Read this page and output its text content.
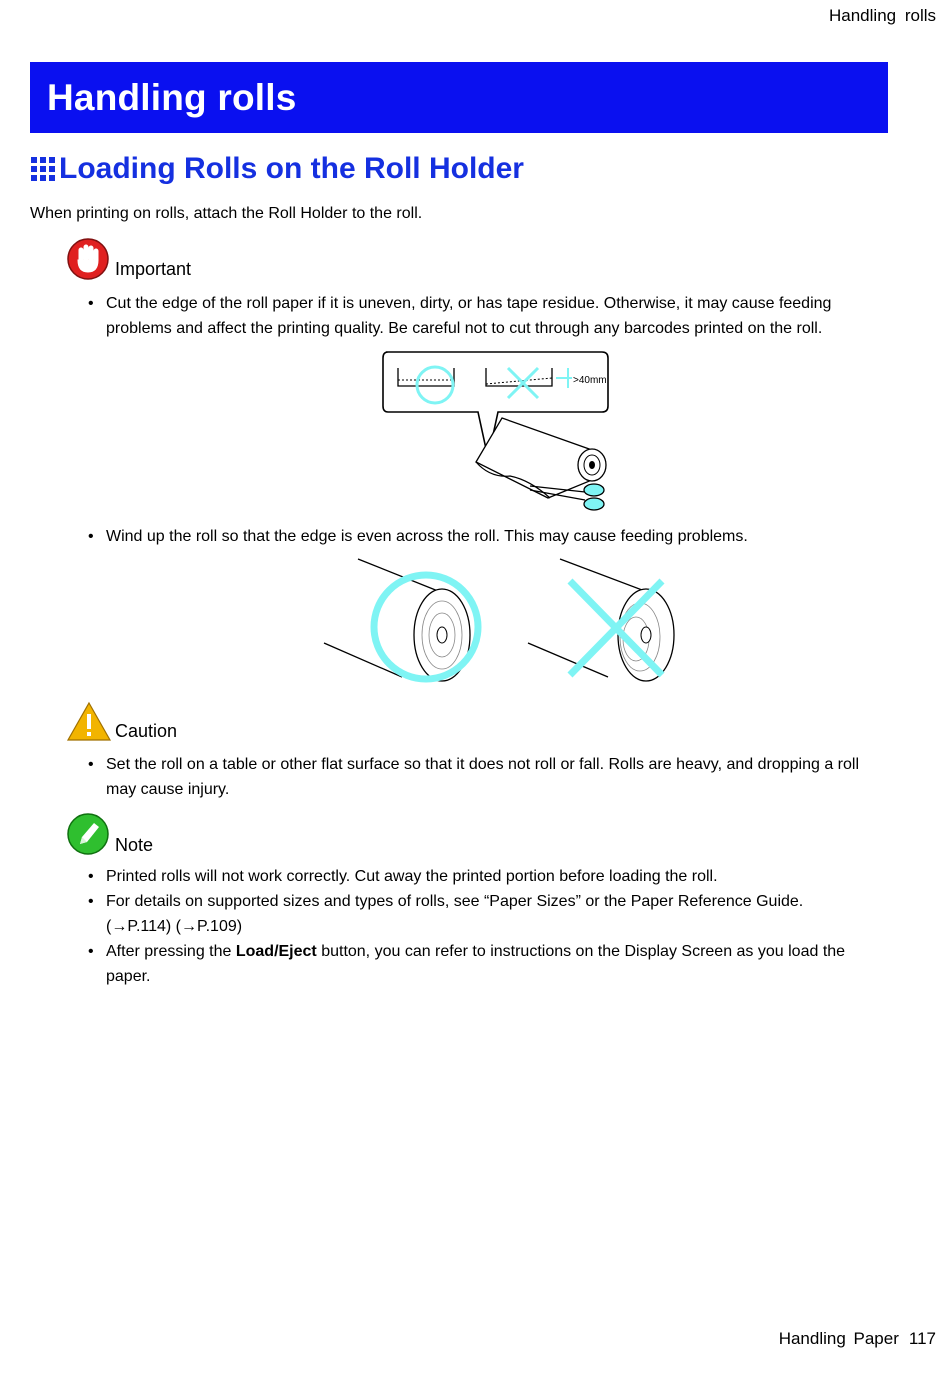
Handling rolls
Handling rolls
Loading Rolls on the Roll Holder
When printing on rolls, attach the Roll Holder to the roll.
Important
• Cut the edge of the roll paper if it is uneven, dirty, or has tape residue. Otherwise, it may cause feeding problems and affect the printing quality. Be careful not to cut through any barcodes printed on the roll.
>40mm
• Wind up the roll so that the edge is even across the roll. This may cause feeding problems.
Caution
• Set the roll on a table or other flat surface so that it does not roll or fall. Rolls are heavy, and dropping a roll may cause injury.
Note
• Printed rolls will not work correctly. Cut away the printed portion before loading the roll.
• For details on supported sizes and types of rolls, see “Paper Sizes” or the Paper Reference Guide.
(→P.114) (→P.109)
• After pressing the Load/Eject button, you can refer to instructions on the Display Screen as you load the paper.
Handling Paper 117
